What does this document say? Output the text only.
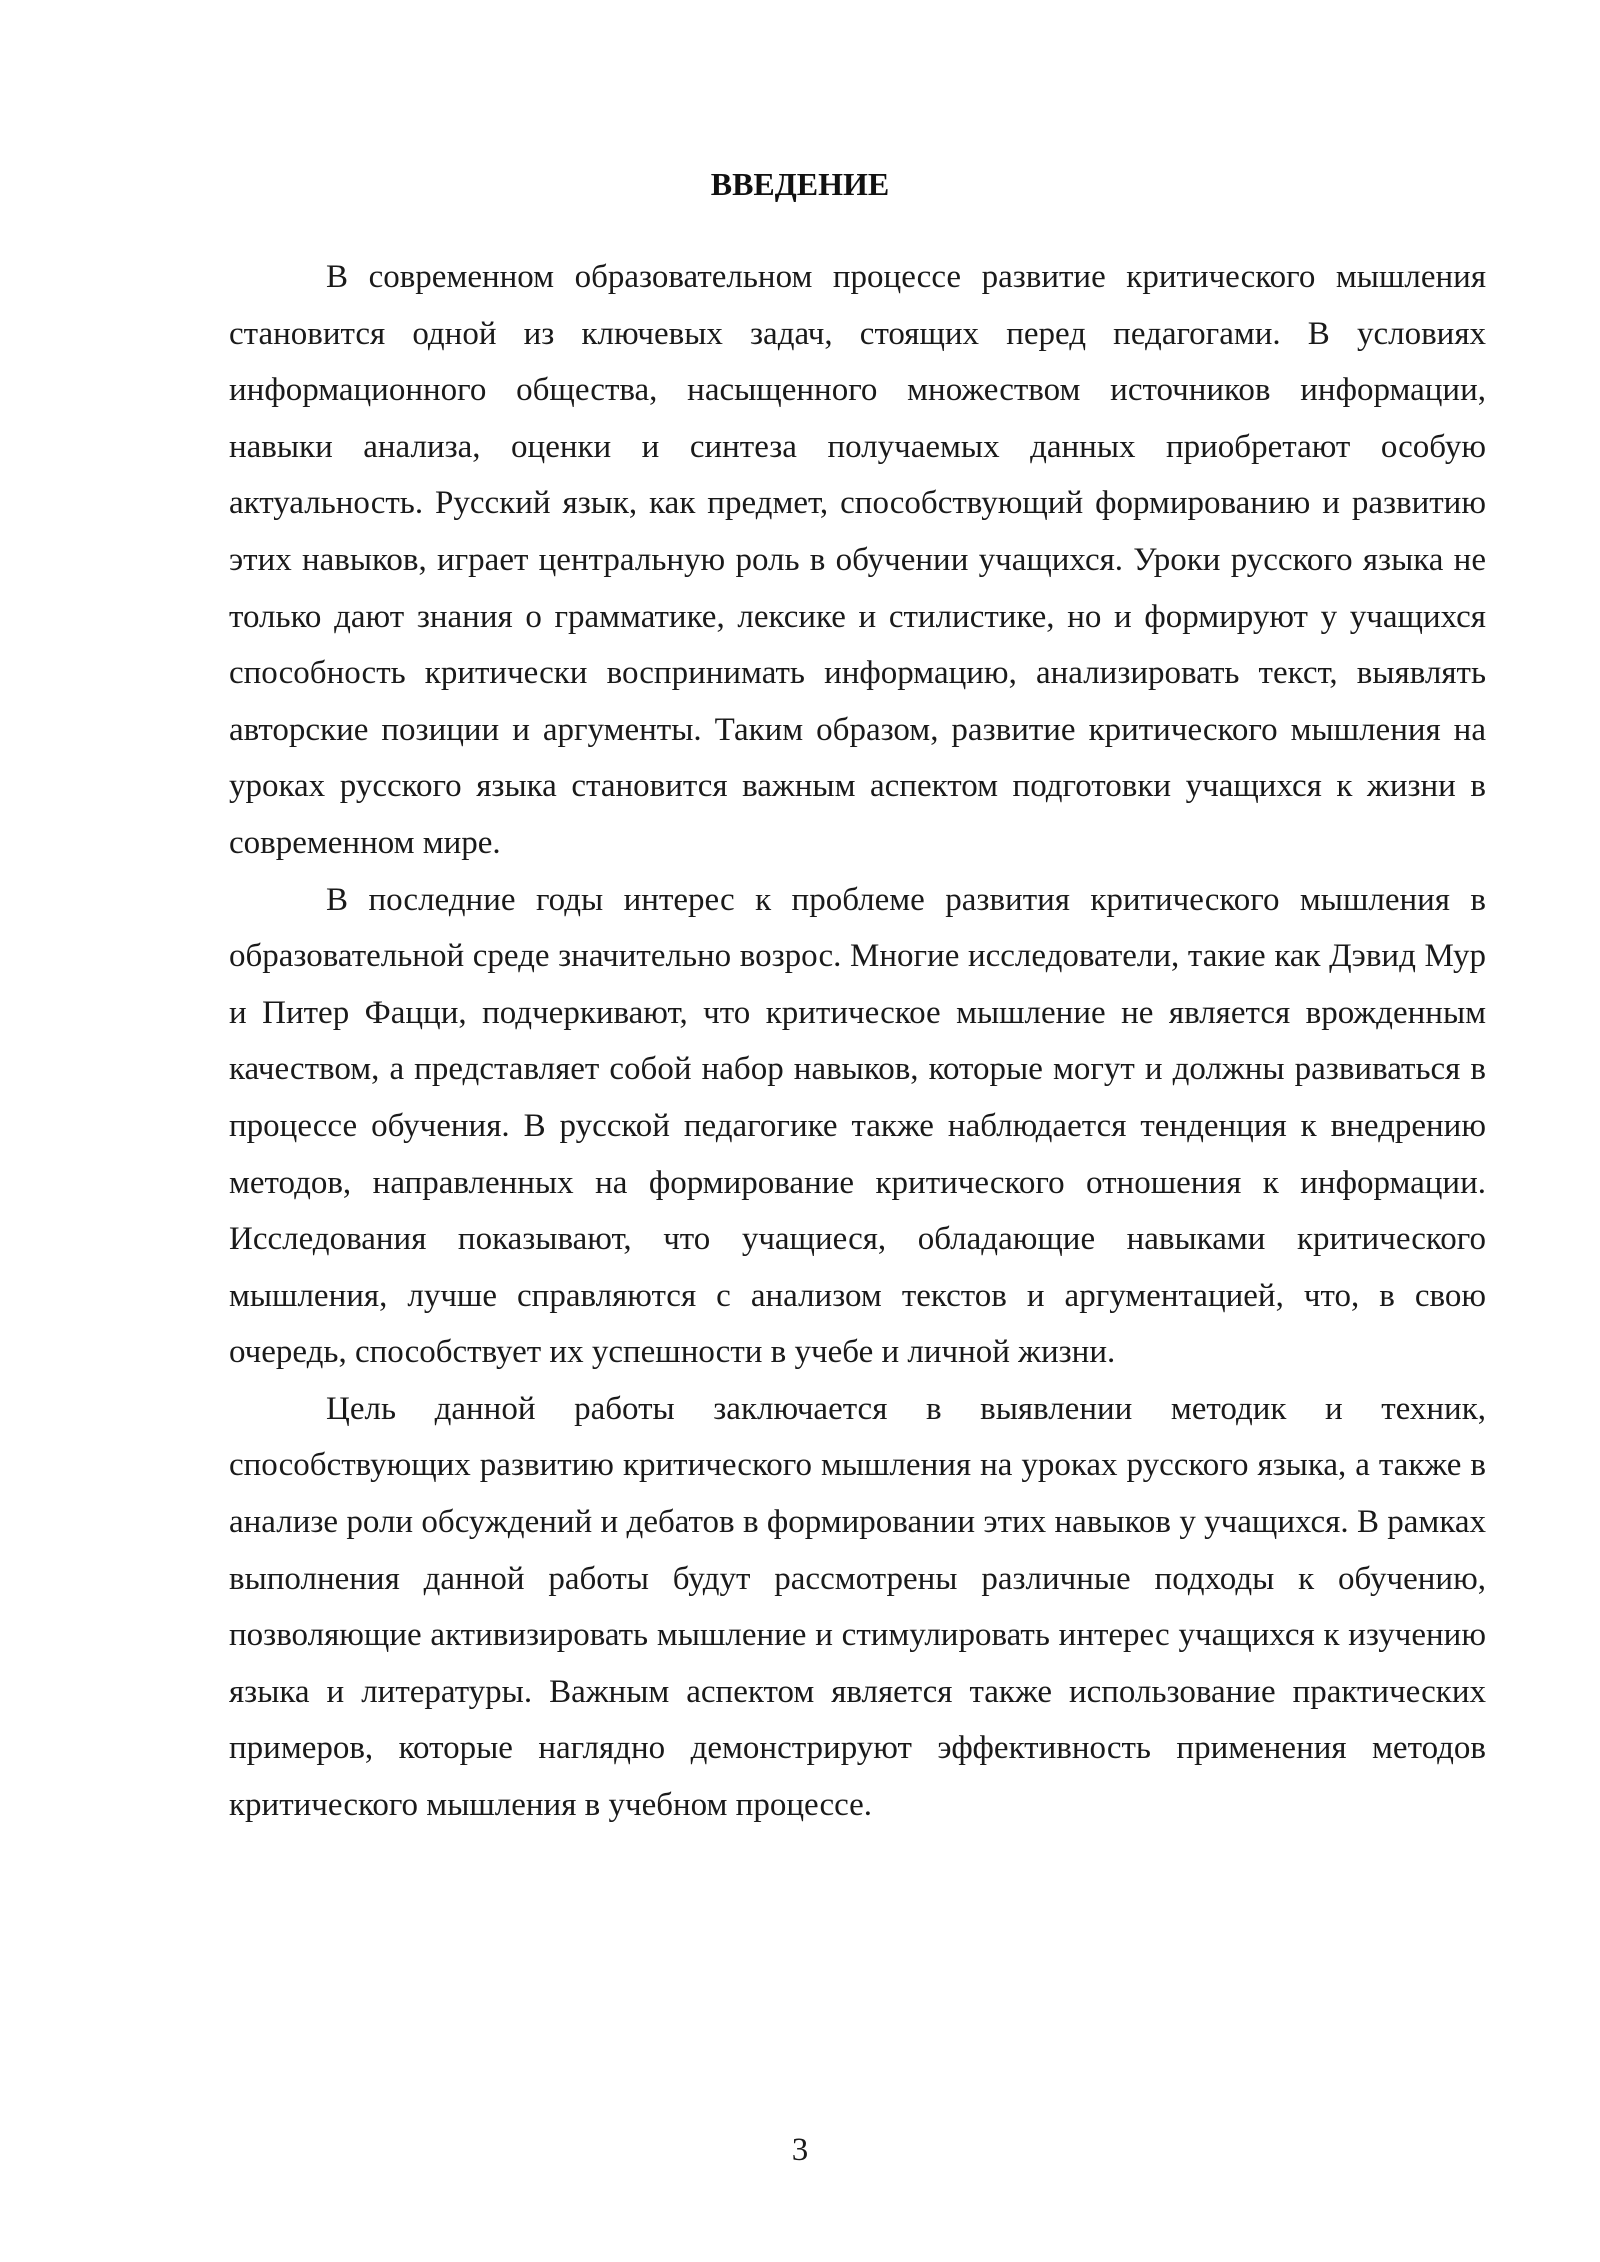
ВВЕДЕНИЕ

В современном образовательном процессе развитие критического мышления становится одной из ключевых задач, стоящих перед педагогами. В условиях информационного общества, насыщенного множеством источников информации, навыки анализа, оценки и синтеза получаемых данных приобретают особую актуальность. Русский язык, как предмет, способствующий формированию и развитию этих навыков, играет центральную роль в обучении учащихся. Уроки русского языка не только дают знания о грамматике, лексике и стилистике, но и формируют у учащихся способность критически воспринимать информацию, анализировать текст, выявлять авторские позиции и аргументы. Таким образом, развитие критического мышления на уроках русского языка становится важным аспектом подготовки учащихся к жизни в современном мире.

В последние годы интерес к проблеме развития критического мышления в образовательной среде значительно возрос. Многие исследователи, такие как Дэвид Мур и Питер Фацци, подчеркивают, что критическое мышление не является врожденным качеством, а представляет собой набор навыков, которые могут и должны развиваться в процессе обучения. В русской педагогике также наблюдается тенденция к внедрению методов, направленных на формирование критического отношения к информации. Исследования показывают, что учащиеся, обладающие навыками критического мышления, лучше справляются с анализом текстов и аргументацией, что, в свою очередь, способствует их успешности в учебе и личной жизни.

Цель данной работы заключается в выявлении методик и техник, способствующих развитию критического мышления на уроках русского языка, а также в анализе роли обсуждений и дебатов в формировании этих навыков у учащихся. В рамках выполнения данной работы будут рассмотрены различные подходы к обучению, позволяющие активизировать мышление и стимулировать интерес учащихся к изучению языка и литературы. Важным аспектом является также использование практических примеров, которые наглядно демонстрируют эффективность применения методов критического мышления в учебном процессе.

3
